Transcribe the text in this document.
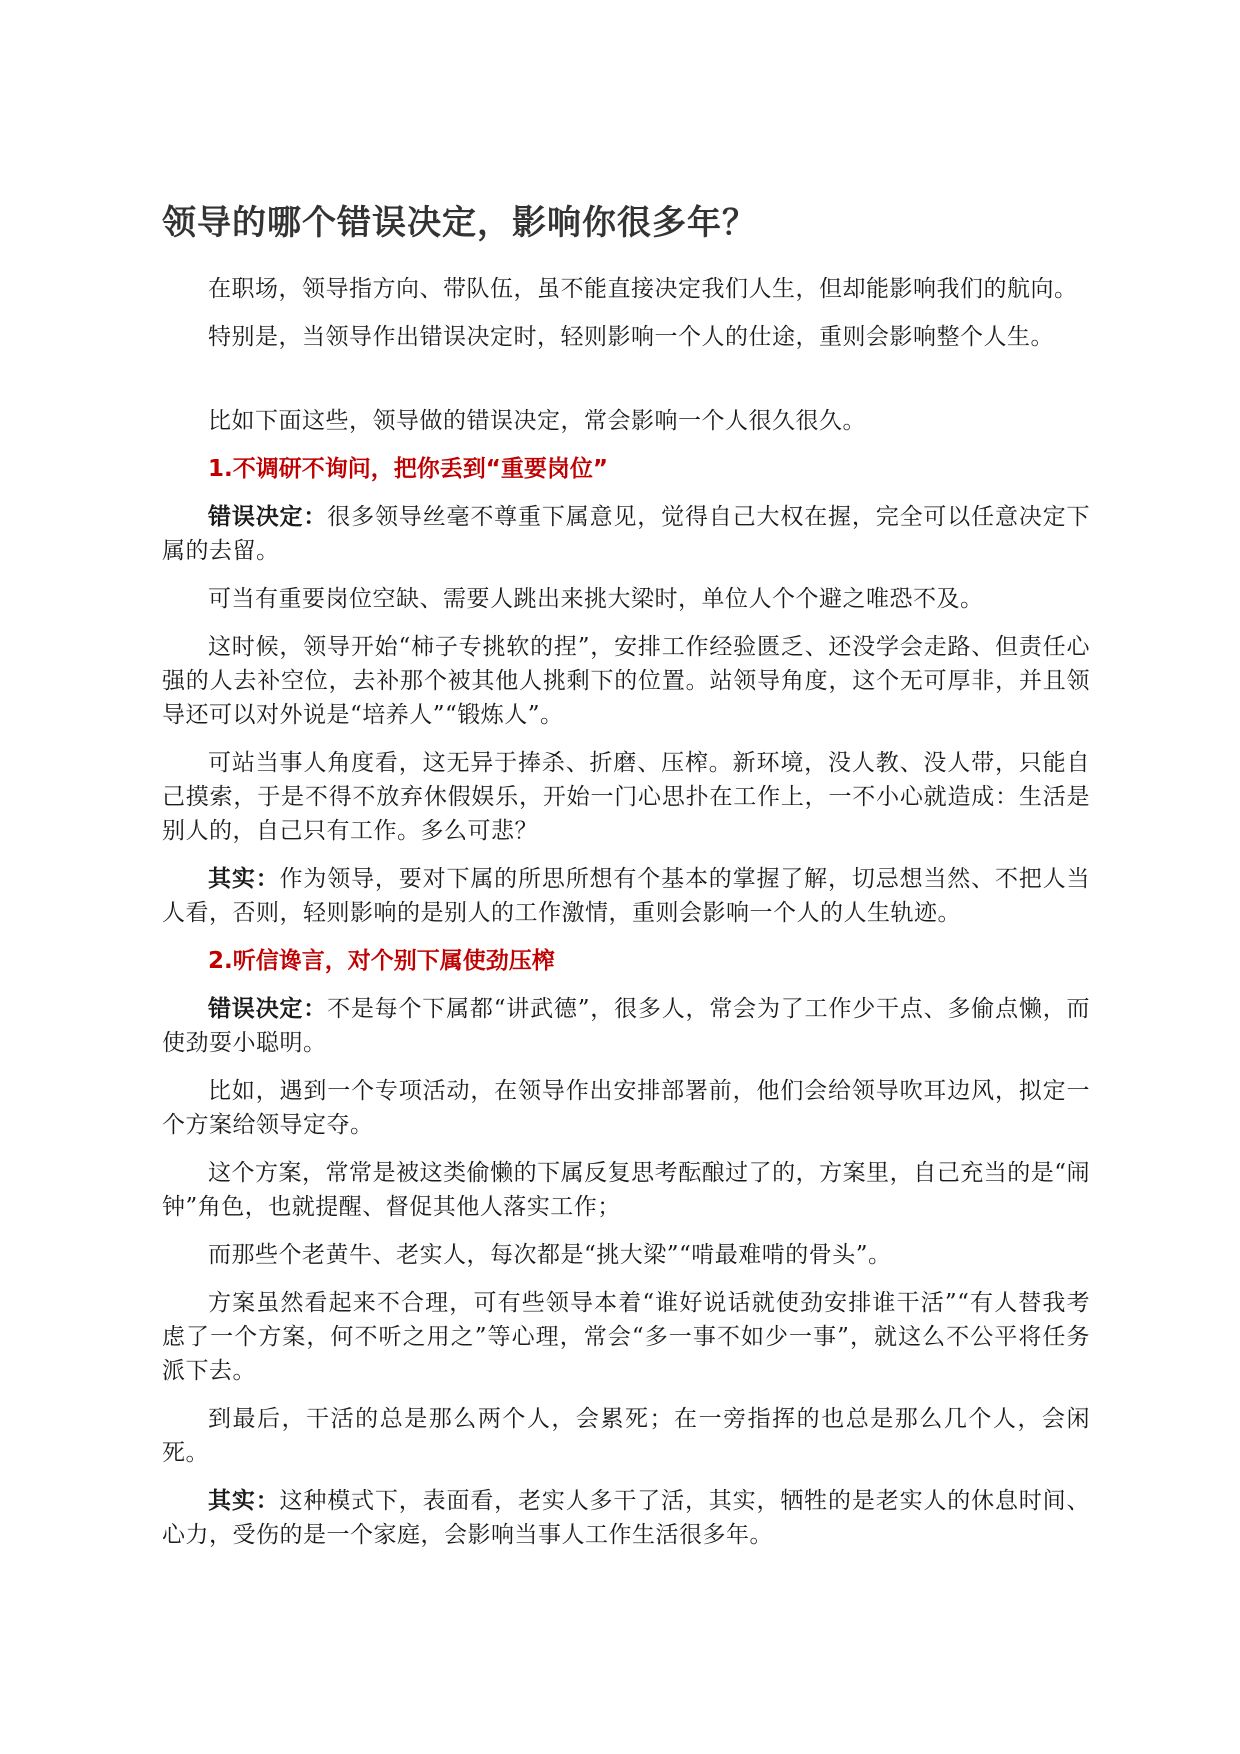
领导的哪个错误决定，影响你很多年？

在职场，领导指方向、带队伍，虽不能直接决定我们人生，但却能影响我们的航向。

特别是，当领导作出错误决定时，轻则影响一个人的仕途，重则会影响整个人生。

比如下面这些，领导做的错误决定，常会影响一个人很久很久。

1.不调研不询问，把你丢到“重要岗位”

错误决定：很多领导丝毫不尊重下属意见，觉得自己大权在握，完全可以任意决定下属的去留。

可当有重要岗位空缺、需要人跳出来挑大梁时，单位人个个避之唯恐不及。

这时候，领导开始“柿子专挑软的捏”，安排工作经验匮乏、还没学会走路、但责任心强的人去补空位，去补那个被其他人挑剩下的位置。站领导角度，这个无可厚非，并且领导还可以对外说是“培养人”“锻炼人”。

可站当事人角度看，这无异于捧杀、折磨、压榨。新环境，没人教、没人带，只能自己摸索，于是不得不放弃休假娱乐，开始一门心思扑在工作上，一不小心就造成：生活是别人的，自己只有工作。多么可悲？

其实：作为领导，要对下属的所思所想有个基本的掌握了解，切忌想当然、不把人当人看，否则，轻则影响的是别人的工作激情，重则会影响一个人的人生轨迹。

2.听信谗言，对个别下属使劲压榨

错误决定：不是每个下属都“讲武德”，很多人，常会为了工作少干点、多偷点懒，而使劲耍小聪明。

比如，遇到一个专项活动，在领导作出安排部署前，他们会给领导吹耳边风，拟定一个方案给领导定夺。

这个方案，常常是被这类偷懒的下属反复思考酝酿过了的，方案里，自己充当的是“闹钟”角色，也就提醒、督促其他人落实工作；

而那些个老黄牛、老实人，每次都是“挑大梁”“啃最难啃的骨头”。

方案虽然看起来不合理，可有些领导本着“谁好说话就使劲安排谁干活”“有人替我考虑了一个方案，何不听之用之”等心理，常会“多一事不如少一事”，就这么不公平将任务派下去。

到最后，干活的总是那么两个人，会累死；在一旁指挥的也总是那么几个人，会闲死。

其实：这种模式下，表面看，老实人多干了活，其实，牺牲的是老实人的休息时间、心力，受伤的是一个家庭，会影响当事人工作生活很多年。
